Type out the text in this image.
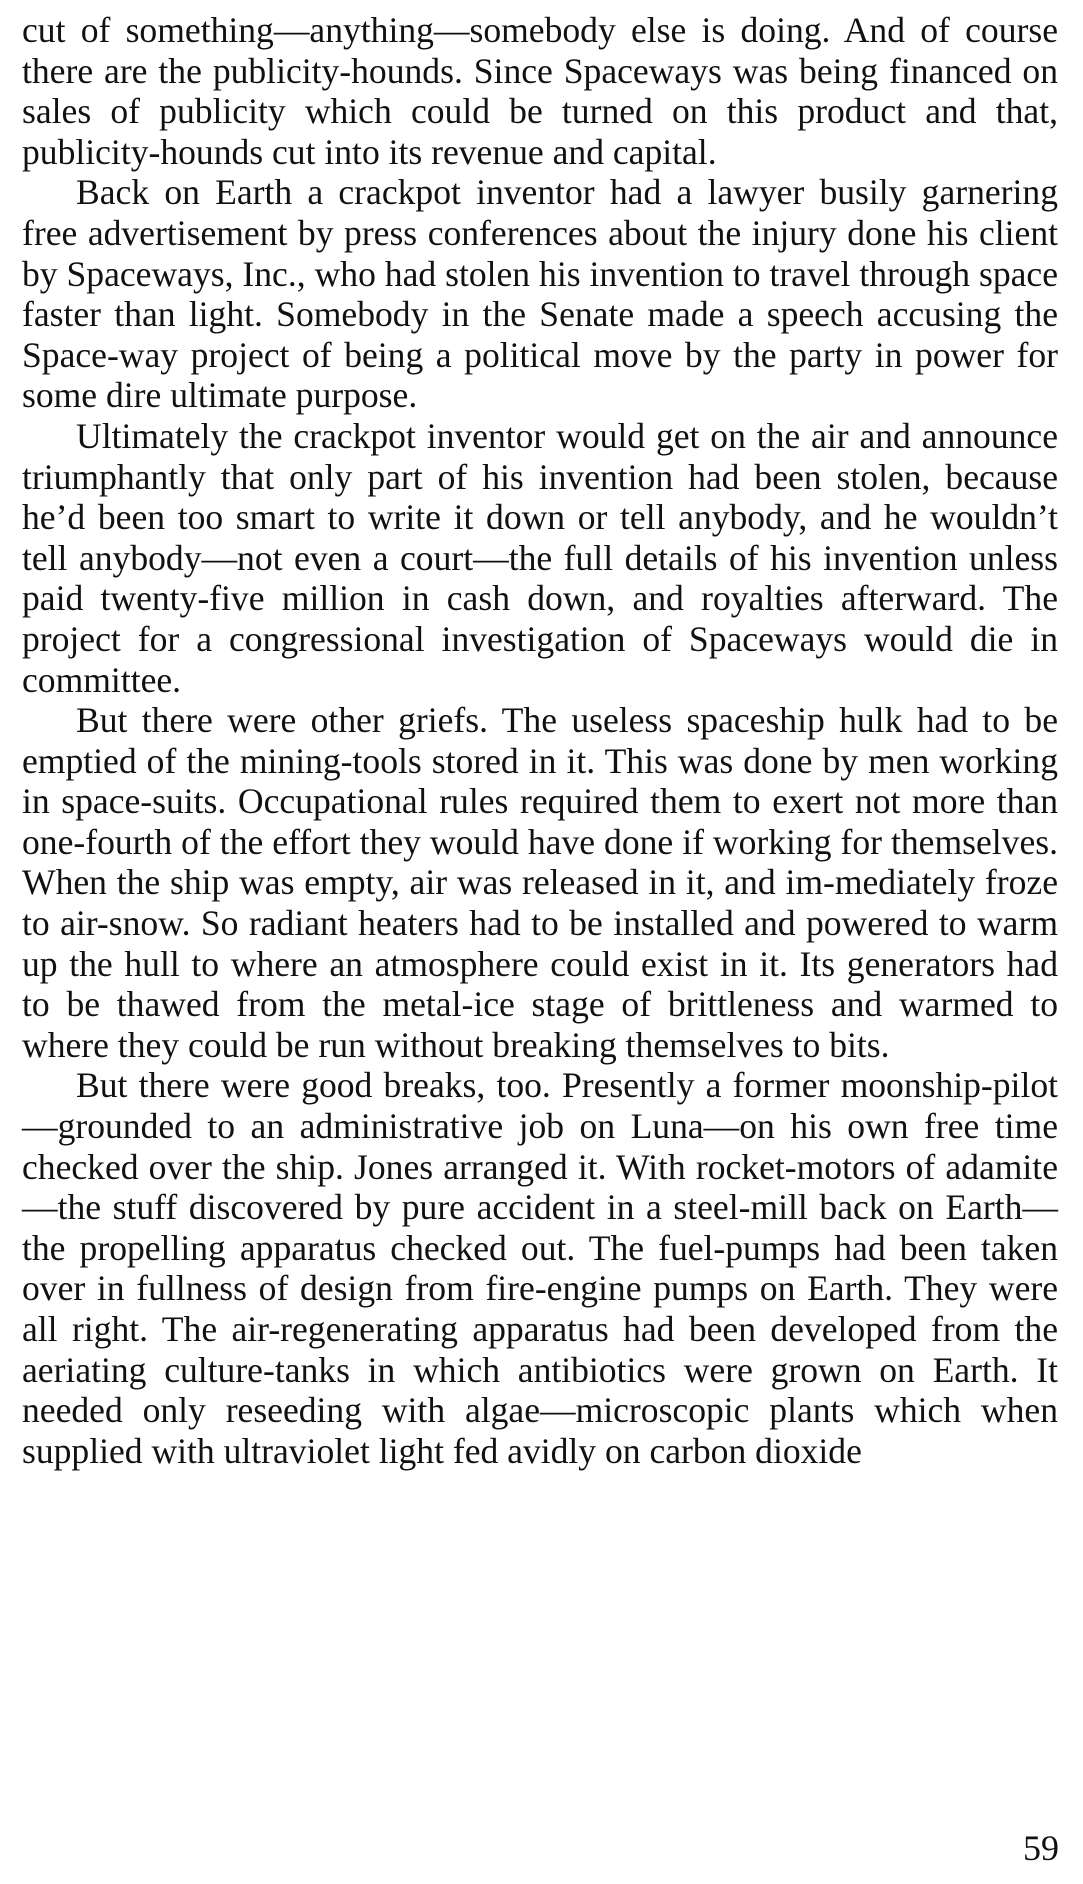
cut of something—anything—somebody else is doing. And of course there are the publicity-hounds. Since Spaceways was being financed on sales of publicity which could be turned on this product and that, publicity-hounds cut into its revenue and capital.

Back on Earth a crackpot inventor had a lawyer busily garnering free advertisement by press conferences about the injury done his client by Spaceways, Inc., who had stolen his invention to travel through space faster than light. Somebody in the Senate made a speech accusing the Space-way project of being a political move by the party in power for some dire ultimate purpose.

Ultimately the crackpot inventor would get on the air and announce triumphantly that only part of his invention had been stolen, because he’d been too smart to write it down or tell anybody, and he wouldn’t tell anybody—not even a court—the full details of his invention unless paid twenty-five million in cash down, and royalties afterward. The project for a congressional investigation of Spaceways would die in committee.

But there were other griefs. The useless spaceship hulk had to be emptied of the mining-tools stored in it. This was done by men working in space-suits. Occupational rules required them to exert not more than one-fourth of the effort they would have done if working for themselves. When the ship was empty, air was released in it, and im-mediately froze to air-snow. So radiant heaters had to be installed and powered to warm up the hull to where an atmosphere could exist in it. Its generators had to be thawed from the metal-ice stage of brittleness and warmed to where they could be run without breaking themselves to bits.

But there were good breaks, too. Presently a former moonship-pilot—grounded to an administrative job on Luna—on his own free time checked over the ship. Jones arranged it. With rocket-motors of adamite—the stuff discovered by pure accident in a steel-mill back on Earth—the propelling apparatus checked out. The fuel-pumps had been taken over in fullness of design from fire-engine pumps on Earth. They were all right. The air-regenerating apparatus had been developed from the aeriating culture-tanks in which antibiotics were grown on Earth. It needed only reseeding with algae—microscopic plants which when supplied with ultraviolet light fed avidly on carbon dioxide

59
